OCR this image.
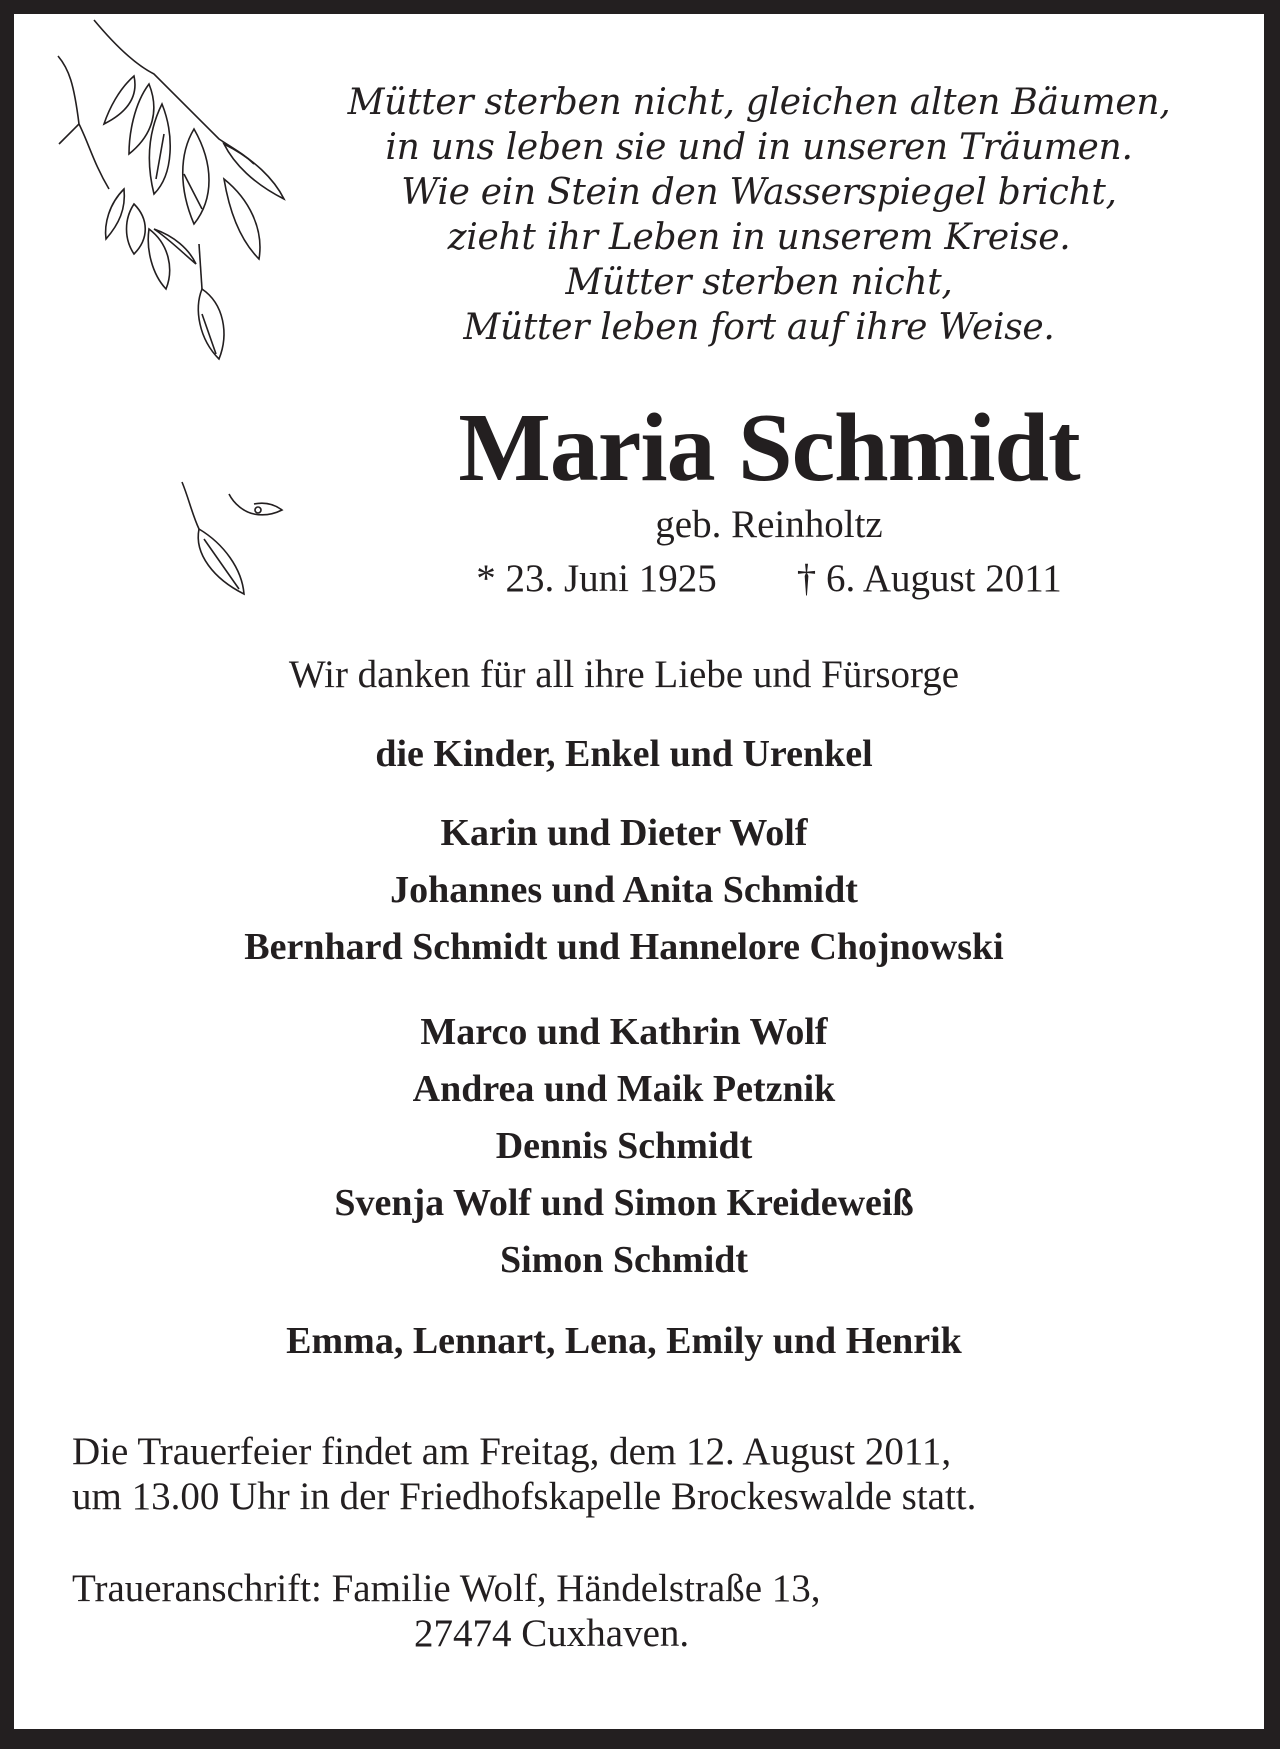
Mütter sterben nicht, gleichen alten Bäumen,
in uns leben sie und in unseren Träumen.
Wie ein Stein den Wasserspiegel bricht,
zieht ihr Leben in unserem Kreise.
Mütter sterben nicht,
Mütter leben fort auf ihre Weise.
Maria Schmidt
geb. Reinholtz
* 23. Juni 1925 † 6. August 2011
Wir danken für all ihre Liebe und Fürsorge
die Kinder, Enkel und Urenkel
Karin und Dieter Wolf
Johannes und Anita Schmidt
Bernhard Schmidt und Hannelore Chojnowski
Marco und Kathrin Wolf
Andrea und Maik Petznik
Dennis Schmidt
Svenja Wolf und Simon Kreideweiß
Simon Schmidt
Emma, Lennart, Lena, Emily und Henrik
Die Trauerfeier findet am Freitag, dem 12. August 2011,
um 13.00 Uhr in der Friedhofskapelle Brockeswalde statt.
Traueranschrift: Familie Wolf, Händelstraße 13,
27474 Cuxhaven.
